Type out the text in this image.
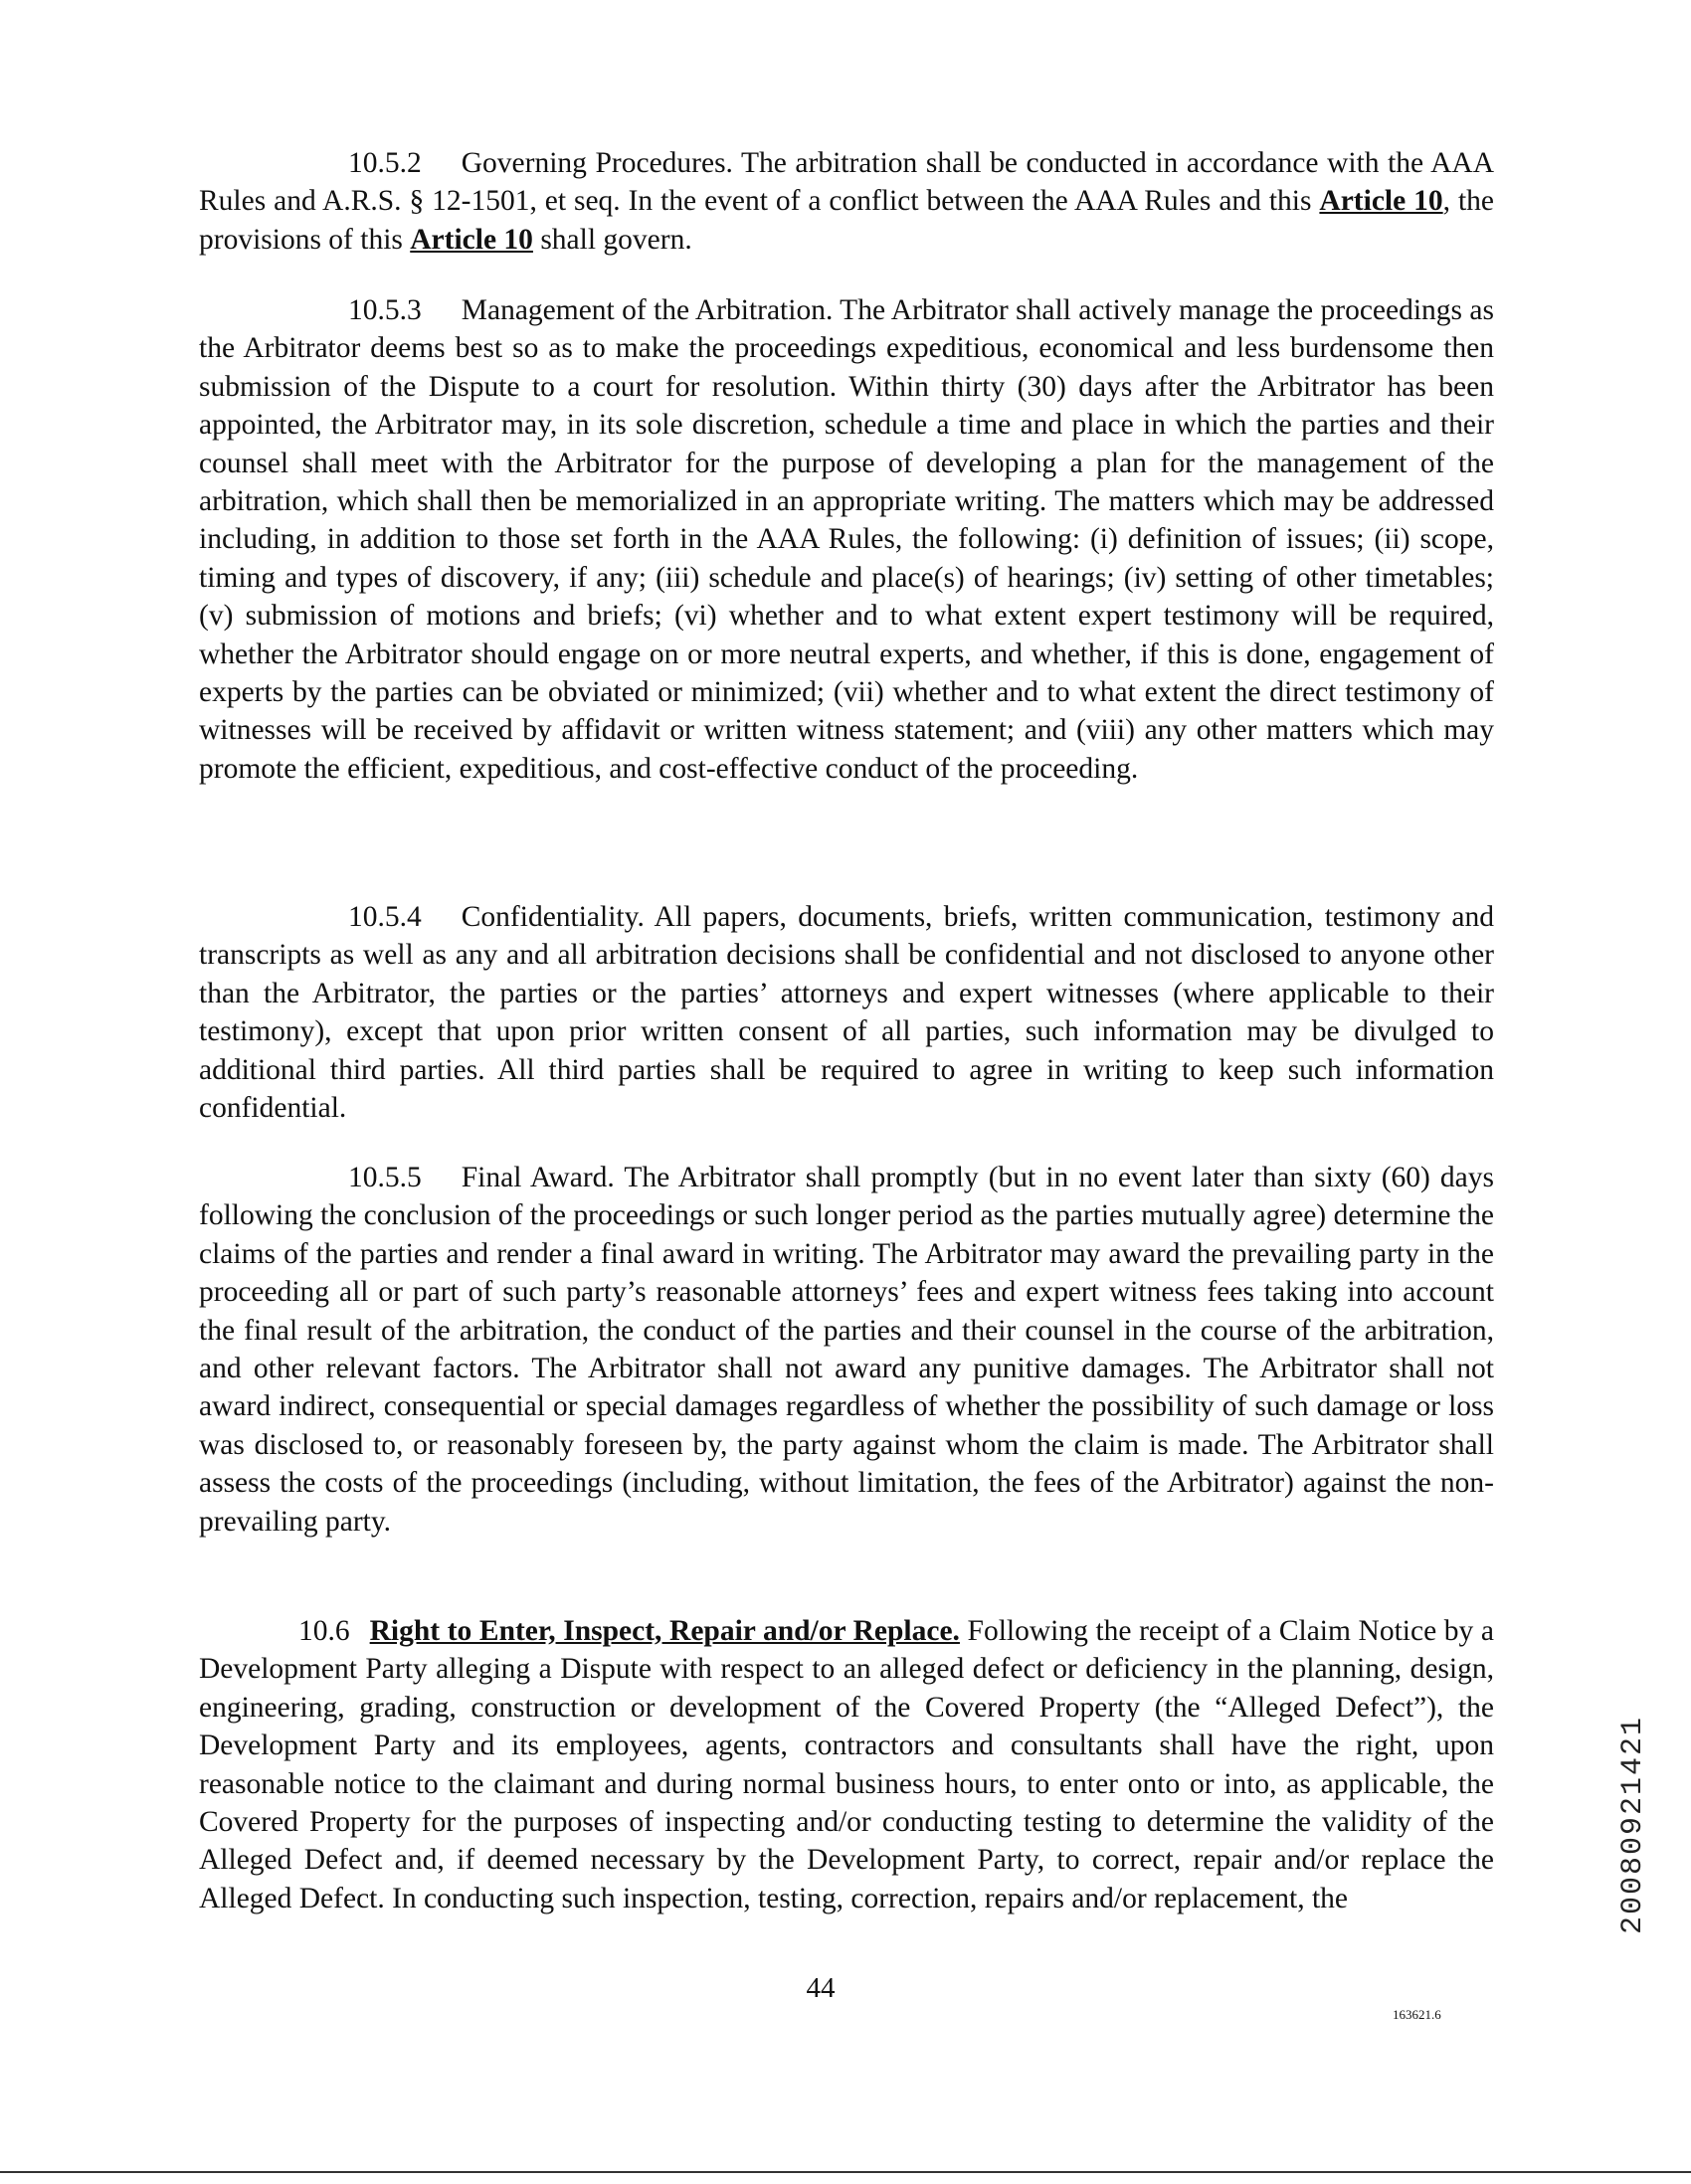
10.5.2 Governing Procedures. The arbitration shall be conducted in accordance with the AAA Rules and A.R.S. § 12-1501, et seq. In the event of a conflict between the AAA Rules and this Article 10, the provisions of this Article 10 shall govern.

10.5.3 Management of the Arbitration. The Arbitrator shall actively manage the proceedings as the Arbitrator deems best so as to make the proceedings expeditious, economical and less burdensome then submission of the Dispute to a court for resolution. Within thirty (30) days after the Arbitrator has been appointed, the Arbitrator may, in its sole discretion, schedule a time and place in which the parties and their counsel shall meet with the Arbitrator for the purpose of developing a plan for the management of the arbitration, which shall then be memorialized in an appropriate writing. The matters which may be addressed including, in addition to those set forth in the AAA Rules, the following: (i) definition of issues; (ii) scope, timing and types of discovery, if any; (iii) schedule and place(s) of hearings; (iv) setting of other timetables; (v) submission of motions and briefs; (vi) whether and to what extent expert testimony will be required, whether the Arbitrator should engage on or more neutral experts, and whether, if this is done, engagement of experts by the parties can be obviated or minimized; (vii) whether and to what extent the direct testimony of witnesses will be received by affidavit or written witness statement; and (viii) any other matters which may promote the efficient, expeditious, and cost-effective conduct of the proceeding.

10.5.4 Confidentiality. All papers, documents, briefs, written communication, testimony and transcripts as well as any and all arbitration decisions shall be confidential and not disclosed to anyone other than the Arbitrator, the parties or the parties’ attorneys and expert witnesses (where applicable to their testimony), except that upon prior written consent of all parties, such information may be divulged to additional third parties. All third parties shall be required to agree in writing to keep such information confidential.

10.5.5 Final Award. The Arbitrator shall promptly (but in no event later than sixty (60) days following the conclusion of the proceedings or such longer period as the parties mutually agree) determine the claims of the parties and render a final award in writing. The Arbitrator may award the prevailing party in the proceeding all or part of such party’s reasonable attorneys’ fees and expert witness fees taking into account the final result of the arbitration, the conduct of the parties and their counsel in the course of the arbitration, and other relevant factors. The Arbitrator shall not award any punitive damages. The Arbitrator shall not award indirect, consequential or special damages regardless of whether the possibility of such damage or loss was disclosed to, or reasonably foreseen by, the party against whom the claim is made. The Arbitrator shall assess the costs of the proceedings (including, without limitation, the fees of the Arbitrator) against the non-prevailing party.

10.6 Right to Enter, Inspect, Repair and/or Replace. Following the receipt of a Claim Notice by a Development Party alleging a Dispute with respect to an alleged defect or deficiency in the planning, design, engineering, grading, construction or development of the Covered Property (the “Alleged Defect”), the Development Party and its employees, agents, contractors and consultants shall have the right, upon reasonable notice to the claimant and during normal business hours, to enter onto or into, as applicable, the Covered Property for the purposes of inspecting and/or conducting testing to determine the validity of the Alleged Defect and, if deemed necessary by the Development Party, to correct, repair and/or replace the Alleged Defect. In conducting such inspection, testing, correction, repairs and/or replacement, the

44
163621.6
20080921421
